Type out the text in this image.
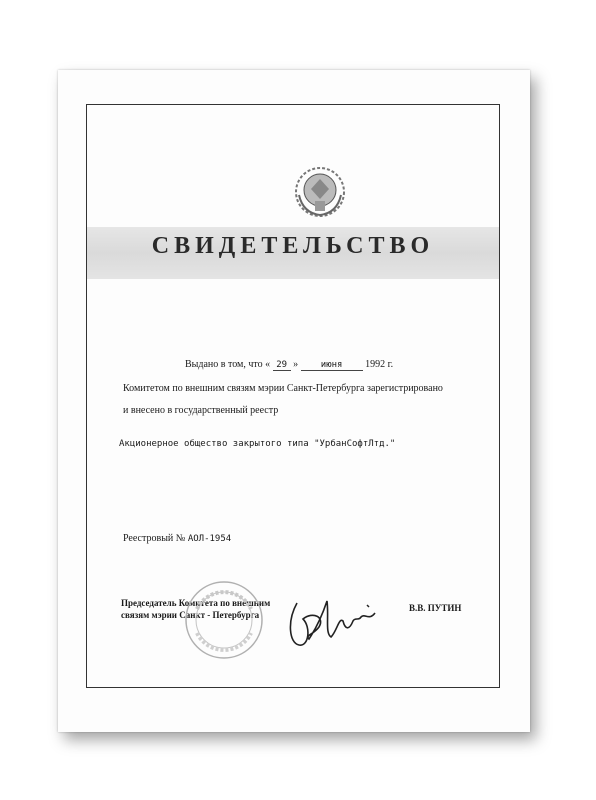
СВИДЕТЕЛЬСТВО
Выдано в том, что « 29 » июня 1992 г.
Комитетом по внешним связям мэрии Санкт-Петербурга зарегистрировано
и внесено в государственный реестр
Акционерное общество закрытого типа "УрбанСофтЛтд."
Реестровый № АОЛ-1954
Председатель Комитета по внешним
связям мэрии Санкт - Петербурга
В.В. ПУТИН
